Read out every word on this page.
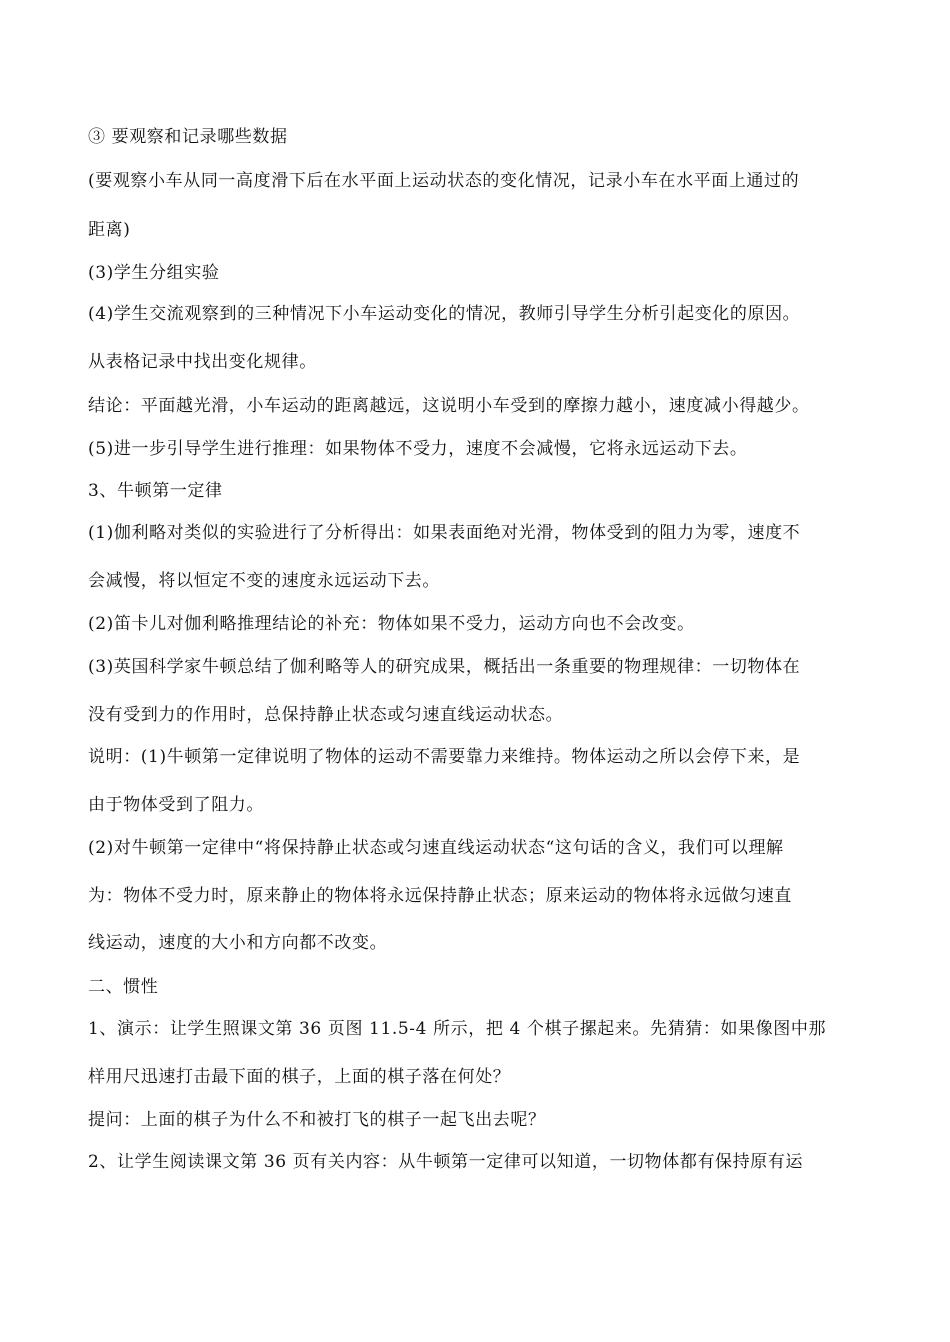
③ 要观察和记录哪些数据
(要观察小车从同一高度滑下后在水平面上运动状态的变化情况，记录小车在水平面上通过的
距离)
(3)学生分组实验
(4)学生交流观察到的三种情况下小车运动变化的情况，教师引导学生分析引起变化的原因。
从表格记录中找出变化规律。
结论：平面越光滑，小车运动的距离越远，这说明小车受到的摩擦力越小，速度减小得越少。
(5)进一步引导学生进行推理：如果物体不受力，速度不会减慢，它将永远运动下去。
3、牛顿第一定律
(1)伽利略对类似的实验进行了分析得出：如果表面绝对光滑，物体受到的阻力为零，速度不
会减慢，将以恒定不变的速度永远运动下去。
(2)笛卡儿对伽利略推理结论的补充：物体如果不受力，运动方向也不会改变。
(3)英国科学家牛顿总结了伽利略等人的研究成果，概括出一条重要的物理规律：一切物体在
没有受到力的作用时，总保持静止状态或匀速直线运动状态。
说明：(1)牛顿第一定律说明了物体的运动不需要靠力来维持。物体运动之所以会停下来，是
由于物体受到了阻力。
(2)对牛顿第一定律中“将保持静止状态或匀速直线运动状态“这句话的含义，我们可以理解
为：物体不受力时，原来静止的物体将永远保持静止状态；原来运动的物体将永远做匀速直
线运动，速度的大小和方向都不改变。
二、惯性
1、演示：让学生照课文第 36 页图 11.5-4 所示，把 4 个棋子摞起来。先猜猜：如果像图中那
样用尺迅速打击最下面的棋子，上面的棋子落在何处？
提问：上面的棋子为什么不和被打飞的棋子一起飞出去呢？
2、让学生阅读课文第 36 页有关内容：从牛顿第一定律可以知道，一切物体都有保持原有运
